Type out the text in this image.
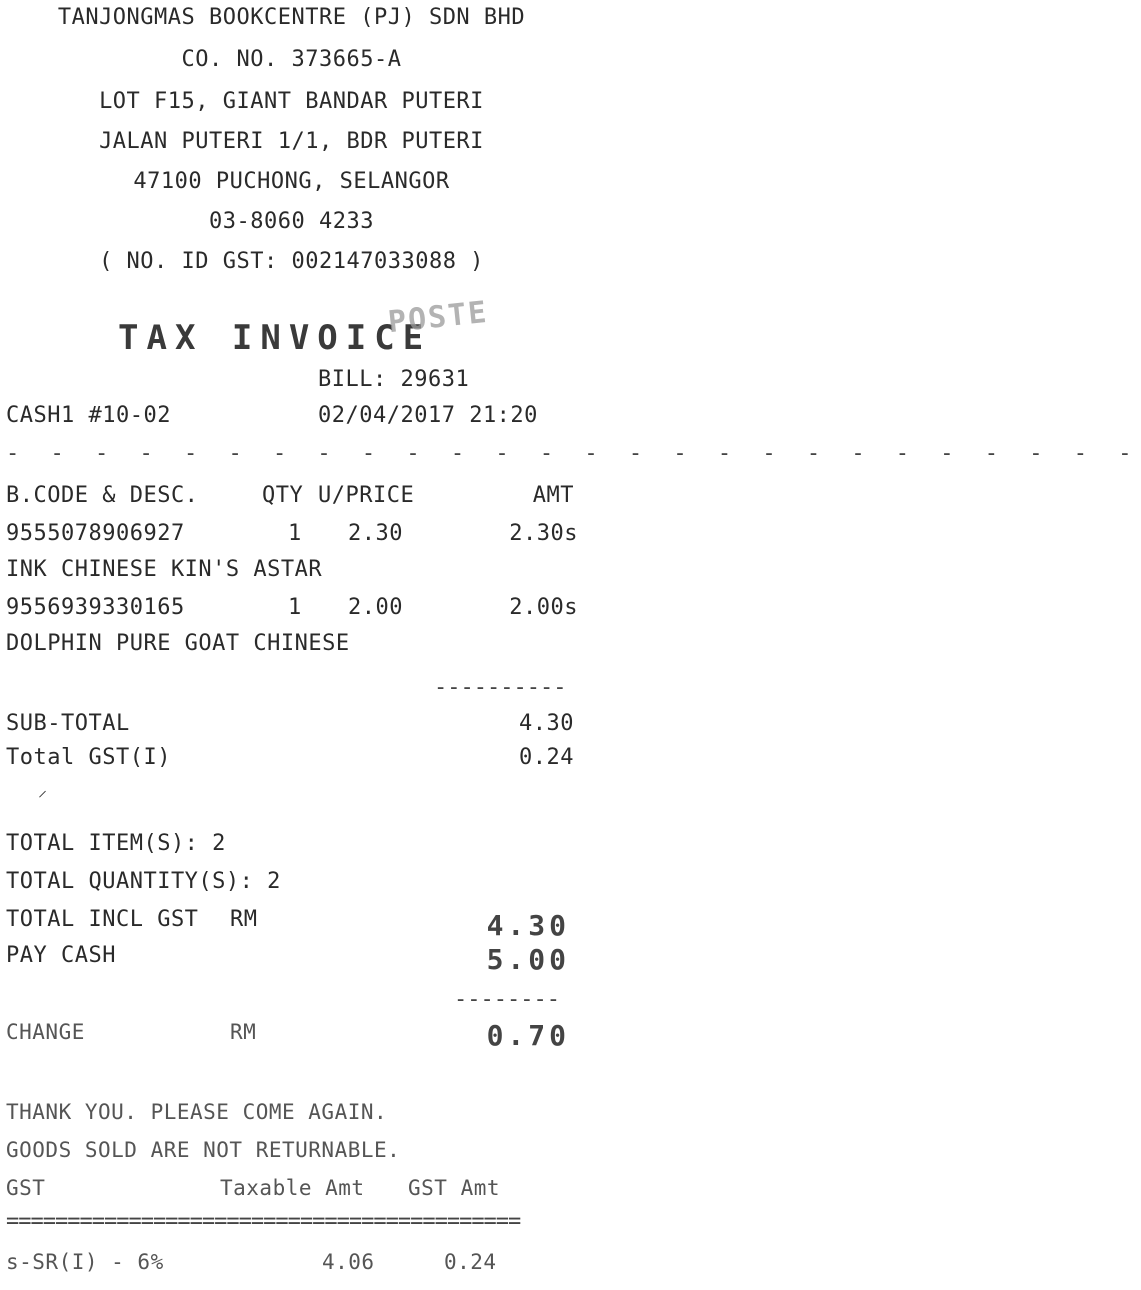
TANJONGMAS BOOKCENTRE (PJ) SDN BHD
CO. NO. 373665-A
LOT F15, GIANT BANDAR PUTERI
JALAN PUTERI 1/1, BDR PUTERI
47100 PUCHONG, SELANGOR
03-8060 4233
( NO. ID GST: 002147033088 )
TAX INVOICE
POSTE
BILL: 29631
CASH1 #10-02	02/04/2017 21:20
- - - - - - - - - - - - - - - - - - - - - - - - - -
B.CODE & DESC.	QTY U/PRICE	AMT
9555078906927	1 2.30	2.30s
INK CHINESE KIN'S ASTAR
9556939330165	1 2.00	2.00s
DOLPHIN PURE GOAT CHINESE
----------
SUB-TOTAL	4.30
Total GST(I)	0.24
⸝
TOTAL ITEM(S): 2
TOTAL QUANTITY(S): 2
TOTAL INCL GST RM	4.30
PAY CASH	5.00
--------
CHANGE	RM	0.70
THANK YOU. PLEASE COME AGAIN.
GOODS SOLD ARE NOT RETURNABLE.
GST	Taxable Amt GST Amt
==========================================
s-SR(I) - 6%	4.06	0.24
